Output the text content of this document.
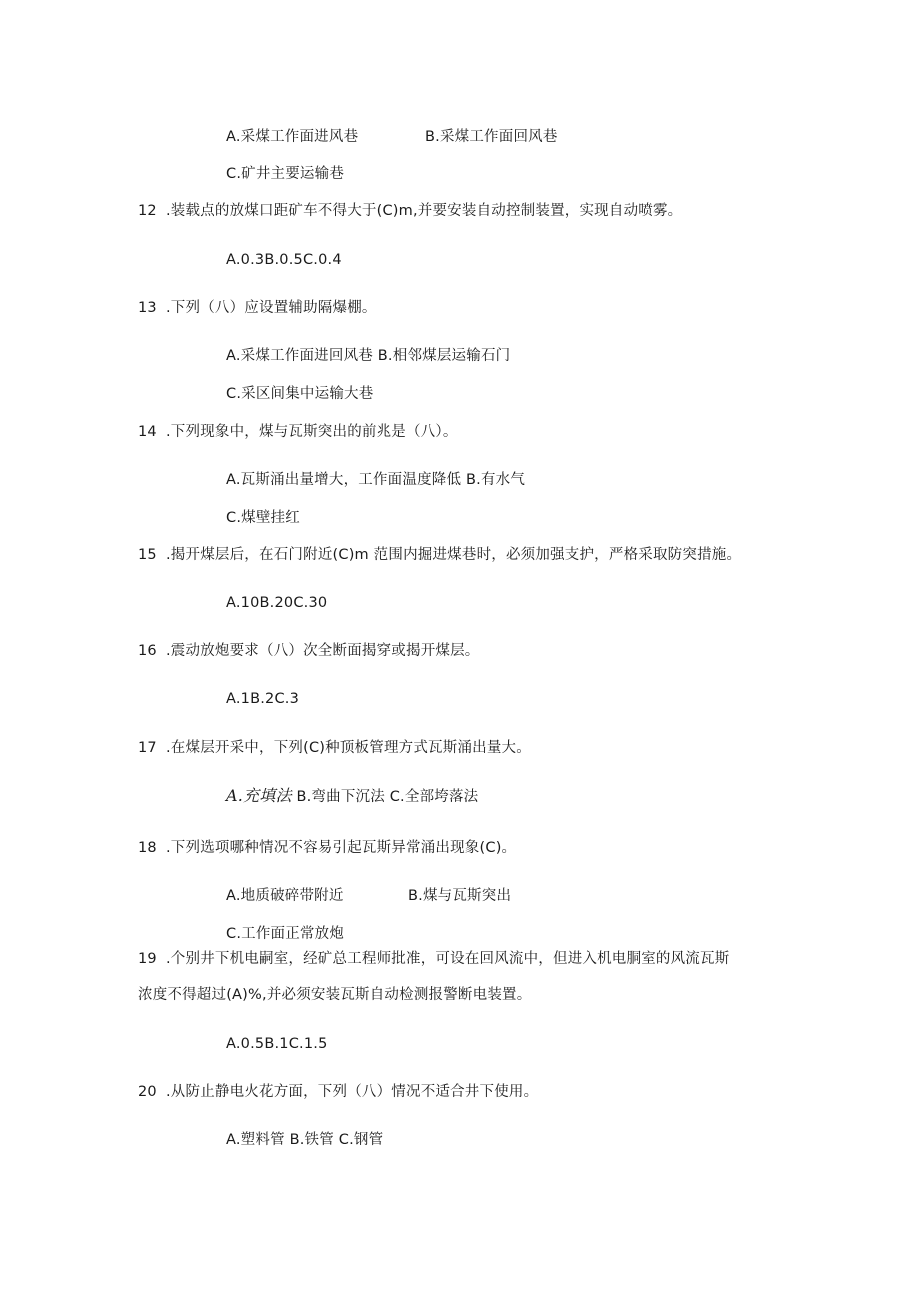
A.采煤工作面进风巷	B.采煤工作面回风巷
C.矿井主要运输巷
12 .装载点的放煤口距矿车不得大于(C)m,并要安装自动控制装置，实现自动喷雾。
A.0.3B.0.5C.0.4
13 .下列（八）应设置辅助隔爆棚。
A.采煤工作面进回风巷 B.相邻煤层运输石门
C.采区间集中运输大巷
14 .下列现象中，煤与瓦斯突出的前兆是（八）。
A.瓦斯涌出量增大，工作面温度降低 B.有水气
C.煤壁挂红
15 .揭开煤层后，在石门附近(C)m 范围内掘进煤巷时，必须加强支护，严格采取防突措施。
A.10B.20C.30
16 .震动放炮要求（八）次全断面揭穿或揭开煤层。
A.1B.2C.3
17 .在煤层开采中，下列(C)种顶板管理方式瓦斯涌出量大。
A.充填法 B.弯曲下沉法 C.全部垮落法
18 .下列选项哪种情况不容易引起瓦斯异常涌出现象(C)。
A.地质破碎带附近	B.煤与瓦斯突出
C.工作面正常放炮
19 .个别井下机电嗣室，经矿总工程师批准，可设在回风流中，但进入机电胴室的风流瓦斯
浓度不得超过(A)%,并必须安装瓦斯自动检测报警断电装置。
A.0.5B.1C.1.5
20 .从防止静电火花方面，下列（八）情况不适合井下使用。
A.塑料管 B.铁管 C.钢管
